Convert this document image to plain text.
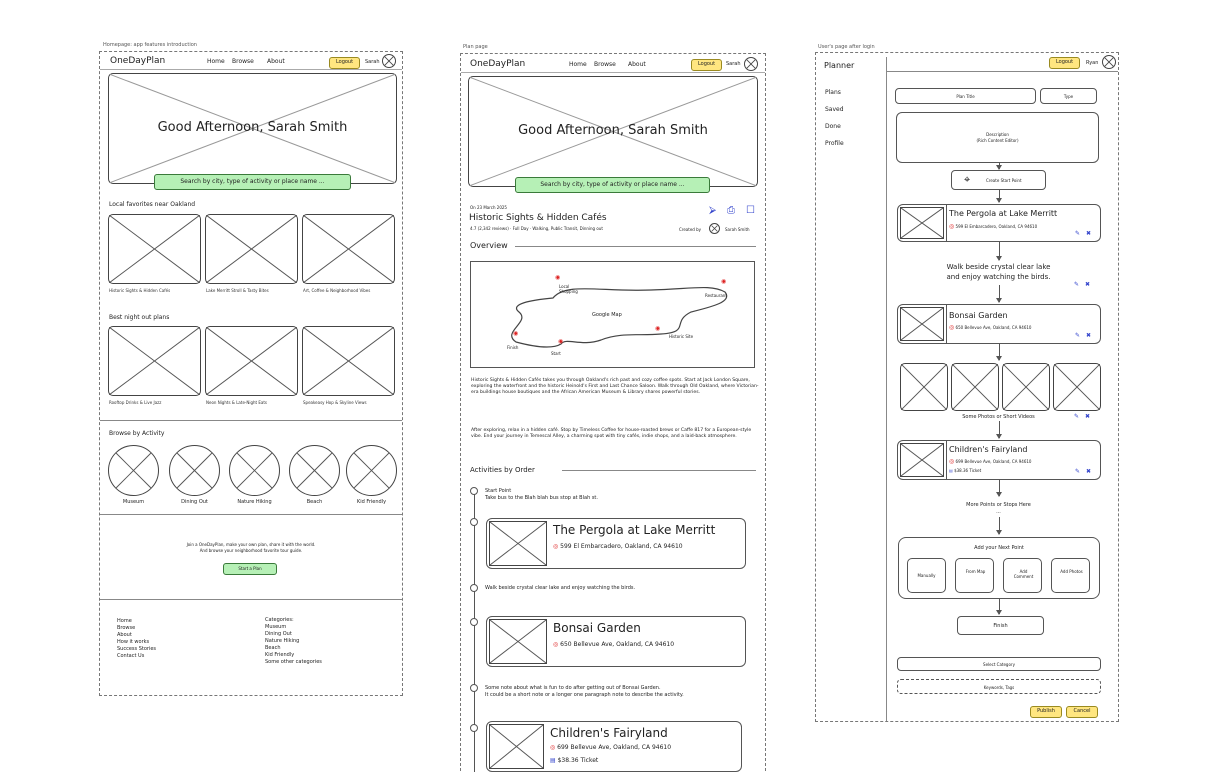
Homepage: app features introduction
OneDayPlan	Home Browse About	Logout	Sarah
Good Afternoon, Sarah Smith
Search by city, type of activity or place name ...
Local favorites near Oakland
Historic Sights & Hidden Cafés	Lake Merritt Stroll & Tasty Bites	Art, Coffee & Neighborhood Vibes
Best night out plans
Rooftop Drinks & Live Jazz	Neon Nights & Late-Night Eats	Speakeasy Hop & Skyline Views
Browse by Activity
Museum	Dining Out	Nature Hiking	Beach	Kid Friendly
Join a OneDayPlan, make your own plan, share it with the world.
And browse your neighborhood favorite tour guide.
Start a Plan
Home
Browse
About
How it works
Success Stories
Contact Us
Categories:
Museum
Dining Out
Nature Hiking
Beach
Kid Friendly
Some other categories
Plan page
OneDayPlan	Home Browse About	Logout	Sarah
Good Afternoon, Sarah Smith
Search by city, type of activity or place name ...
On 23 March 2025
Historic Sights & Hidden Cafés
4.7 (2,342 reviews) · Full Day · Walking, Public Transit, Dinning out
⮚ ⎙ ☐
Created by	Sarah Smith
Overview
Google Map
◉
Local Shopping
◉
Restaurant
◉
Finish
◉
Start
◉
Historic Site
Historic Sights & Hidden Cafés takes you through Oakland's rich past and cozy coffee spots. Start at Jack London Square, exploring the waterfront and the historic Heinold's First and Last Chance Saloon. Walk through Old Oakland, where Victorian-era buildings house boutiques and the African American Museum & Library shares powerful stories.
After exploring, relax in a hidden café. Stop by Timeless Coffee for house-roasted brews or Caffe 817 for a European-style vibe. End your journey in Temescal Alley, a charming spot with tiny cafés, indie shops, and a laid-back atmosphere.
Activities by Order
Start Point
Take bus to the Blah blah bus stop at Blah st.
The Pergola at Lake Merritt
◎ 599 El Embarcadero, Oakland, CA 94610
Walk beside crystal clear lake and enjoy watching the birds.
Bonsai Garden
◎ 650 Bellevue Ave, Oakland, CA 94610
Some note about what is fun to do after getting out of Bonsai Garden.
It could be a short note or a longer one paragraph note to describe the activity.
Children's Fairyland
◎ 699 Bellevue Ave, Oakland, CA 94610
▤ $38.36 Ticket
User's page after login
Planner
Plans
Saved
Done
Profile
Logout	Ryan
Plan Title	Type
Description
(Rich Content Editor)
⌖	Create Start Point
The Pergola at Lake Merritt
◎ 599 El Embarcadero, Oakland, CA 94610
✎ ✖
Walk beside crystal clear lake
and enjoy watching the birds.
✎ ✖
Bonsai Garden
◎ 650 Bellevue Ave, Oakland, CA 94610
✎ ✖
Some Photos or Short Videos	✎ ✖
Children's Fairyland
◎ 699 Bellevue Ave, Oakland, CA 94610
▤ $38.36 Ticket	✎ ✖
More Points or Stops Here
...
Add your Next Point
Manually
From Map	Add Comment
Add Photos
Finish
Select Category
Keywords, Tags
Publish	Cancel
